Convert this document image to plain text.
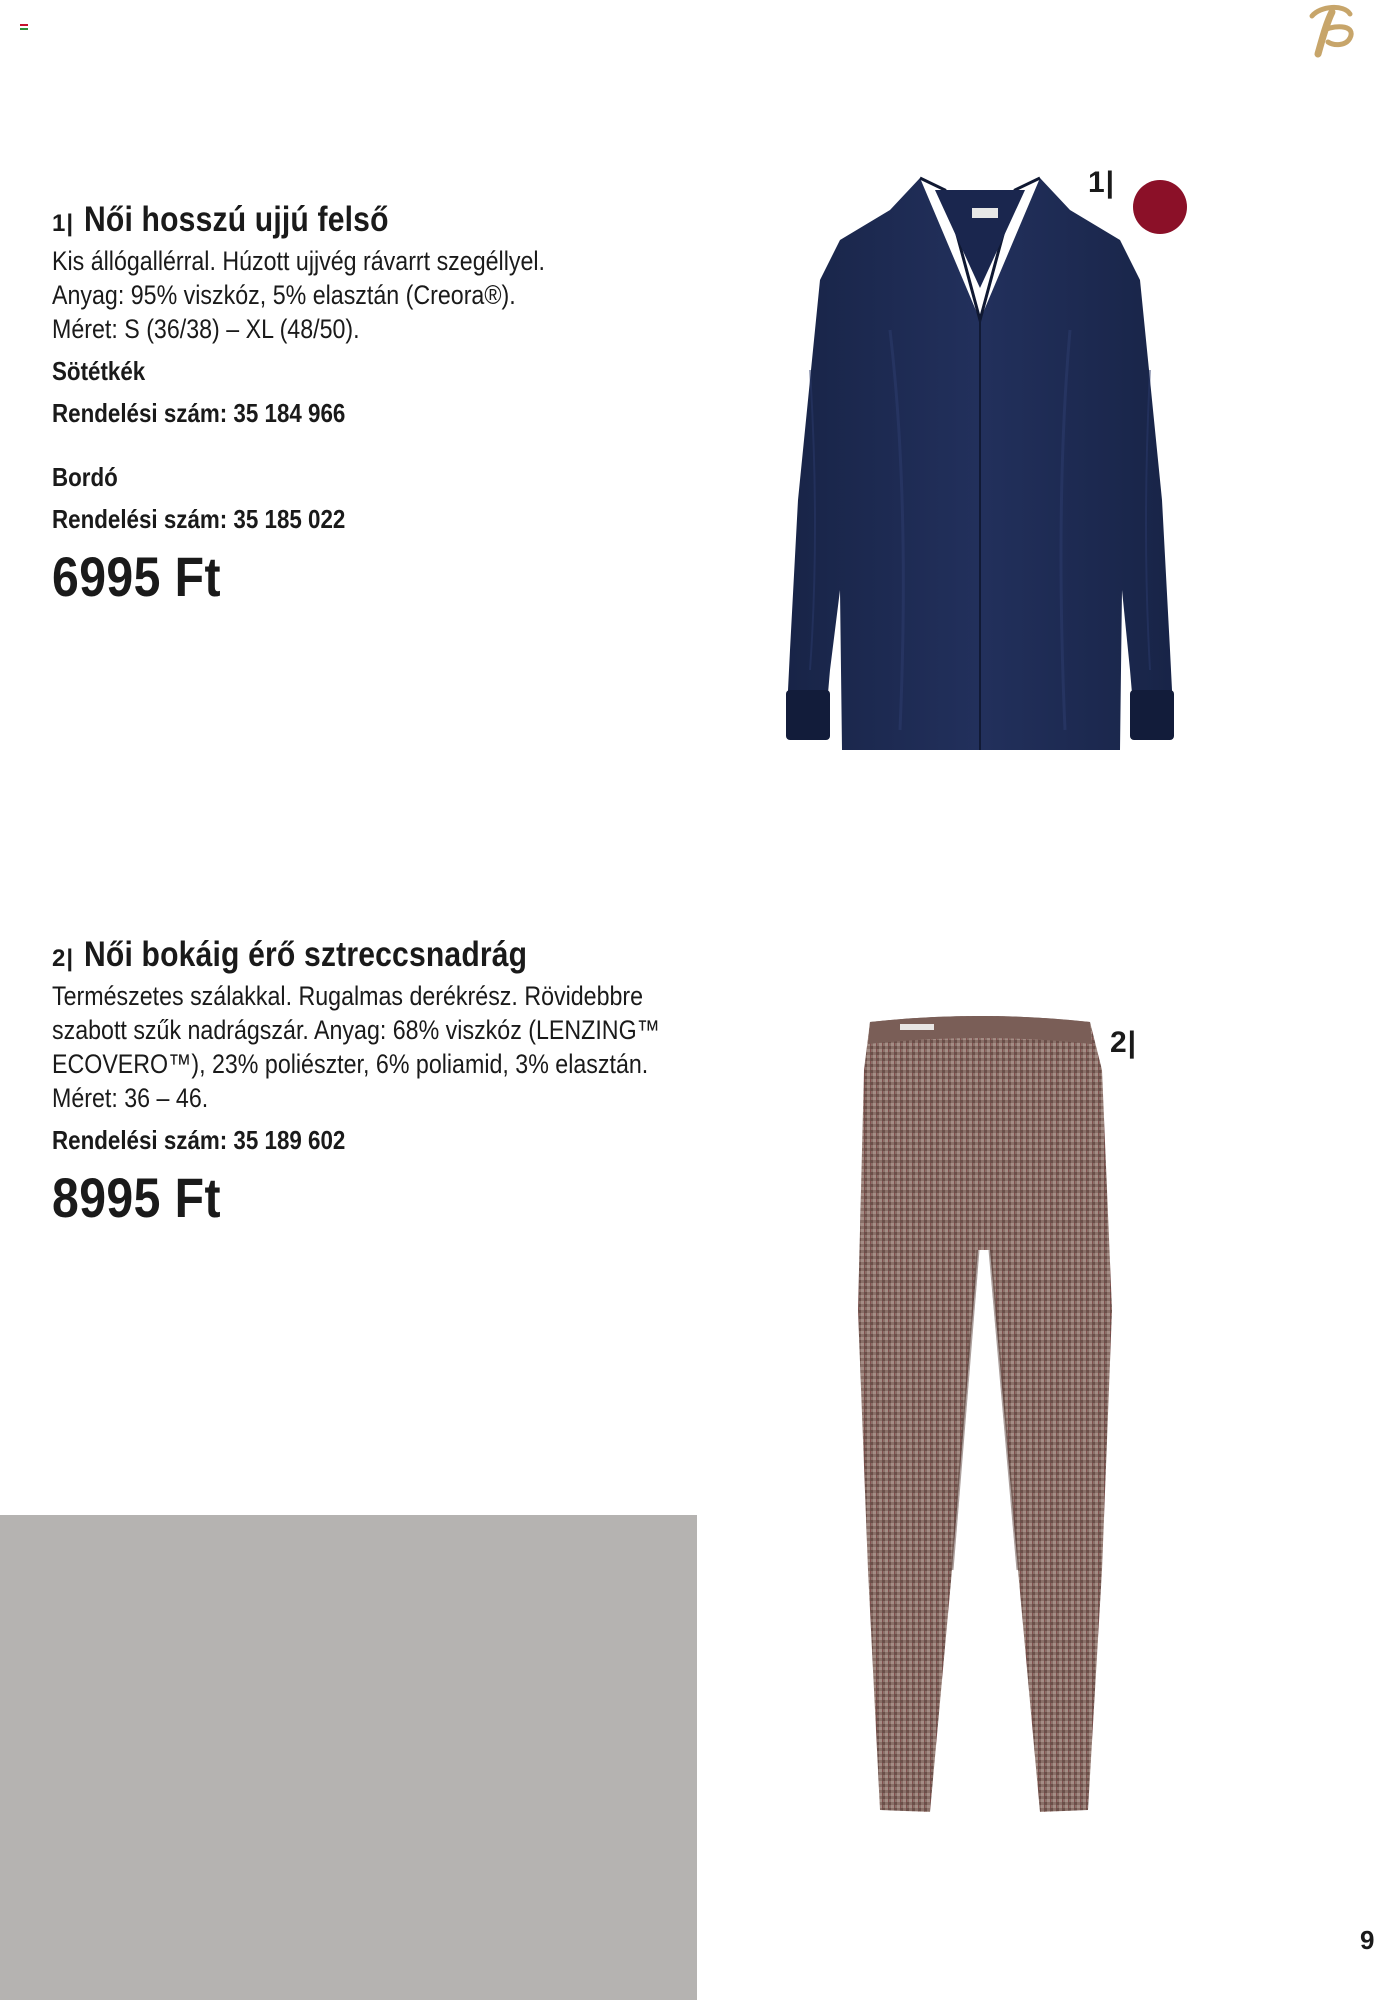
1| Női hosszú ujjú felső
Kis állógallérral. Húzott ujjvég rávarrt szegéllyel.
Anyag: 95% viszkóz, 5% elasztán (Creora®).
Méret: S (36/38) – XL (48/50).
Sötétkék
Rendelési szám: 35 184 966
Bordó
Rendelési szám: 35 185 022
6995 Ft
1|
2| Női bokáig érő sztreccsnadrág
Természetes szálakkal. Rugalmas derékrész. Rövidebbre
szabott szűk nadrágszár. Anyag: 68% viszkóz (LENZING™
ECOVERO™), 23% poliészter, 6% poliamid, 3% elasztán.
Méret: 36 – 46.
Rendelési szám: 35 189 602
8995 Ft
2|
9
